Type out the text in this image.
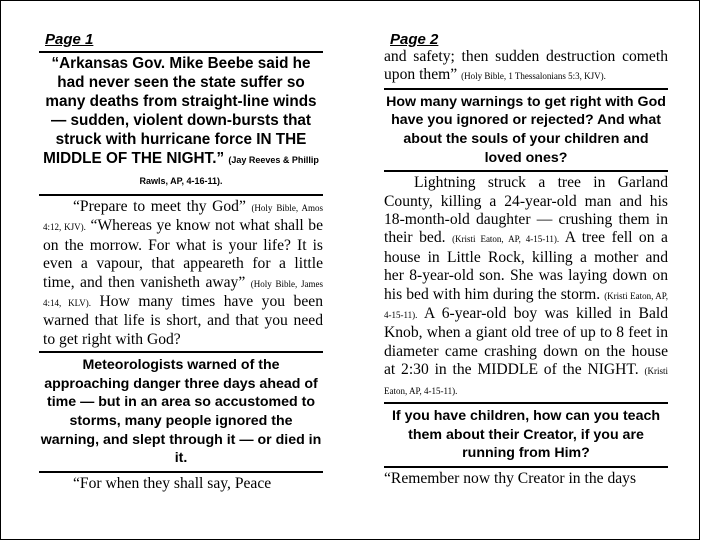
Page 1
“Arkansas Gov. Mike Beebe said he had never seen the state suffer so many deaths from straight-line winds — sudden, violent down-bursts that struck with hurricane force IN THE MIDDLE OF THE NIGHT.” (Jay Reeves & Phillip Rawls, AP, 4-16-11).
“Prepare to meet thy God” (Holy Bible, Amos 4:12, KJV). “Whereas ye know not what shall be on the morrow. For what is your life? It is even a vapour, that appeareth for a little time, and then vanisheth away” (Holy Bible, James 4:14, KLV). How many times have you been warned that life is short, and that you need to get right with God?
Meteorologists warned of the approaching danger three days ahead of time — but in an area so accustomed to storms, many people ignored the warning, and slept through it — or died in it.
“For when they shall say, Peace
Page 2
and safety; then sudden destruction cometh upon them” (Holy Bible, 1 Thessalonians 5:3, KJV).
How many warnings to get right with God have you ignored or rejected? And what about the souls of your children and loved ones?
Lightning struck a tree in Garland County, killing a 24-year-old man and his 18-month-old daughter — crushing them in their bed. (Kristi Eaton, AP, 4-15-11). A tree fell on a house in Little Rock, killing a mother and her 8-year-old son. She was laying down on his bed with him during the storm. (Kristi Eaton, AP, 4-15-11). A 6-year-old boy was killed in Bald Knob, when a giant old tree of up to 8 feet in diameter came crashing down on the house at 2:30 in the MIDDLE of the NIGHT. (Kristi Eaton, AP, 4-15-11).
If you have children, how can you teach them about their Creator, if you are running from Him?
“Remember now thy Creator in the days
